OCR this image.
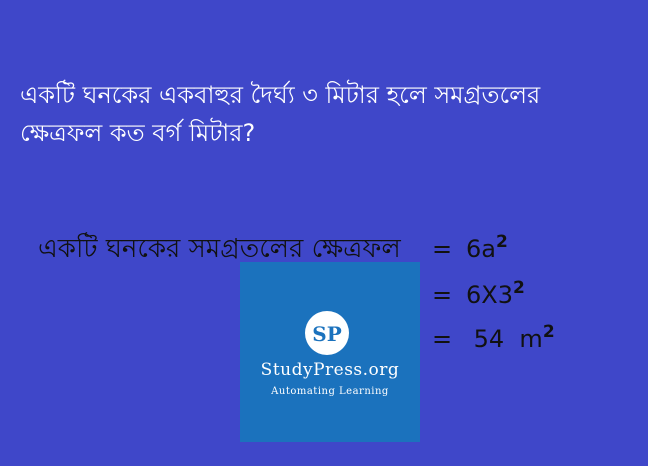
একটি ঘনকের একবাহুর দৈর্ঘ্য ৩ মিটার হলে সমগ্রতলের ক্ষেত্রফল কত বর্গ মিটার?
SP
StudyPress.org
Automating Learning
একটি ঘনকের সমগ্রতলের ক্ষেত্রফল = $6a^2$
= $6X3^2$
= 54  $m^2$
